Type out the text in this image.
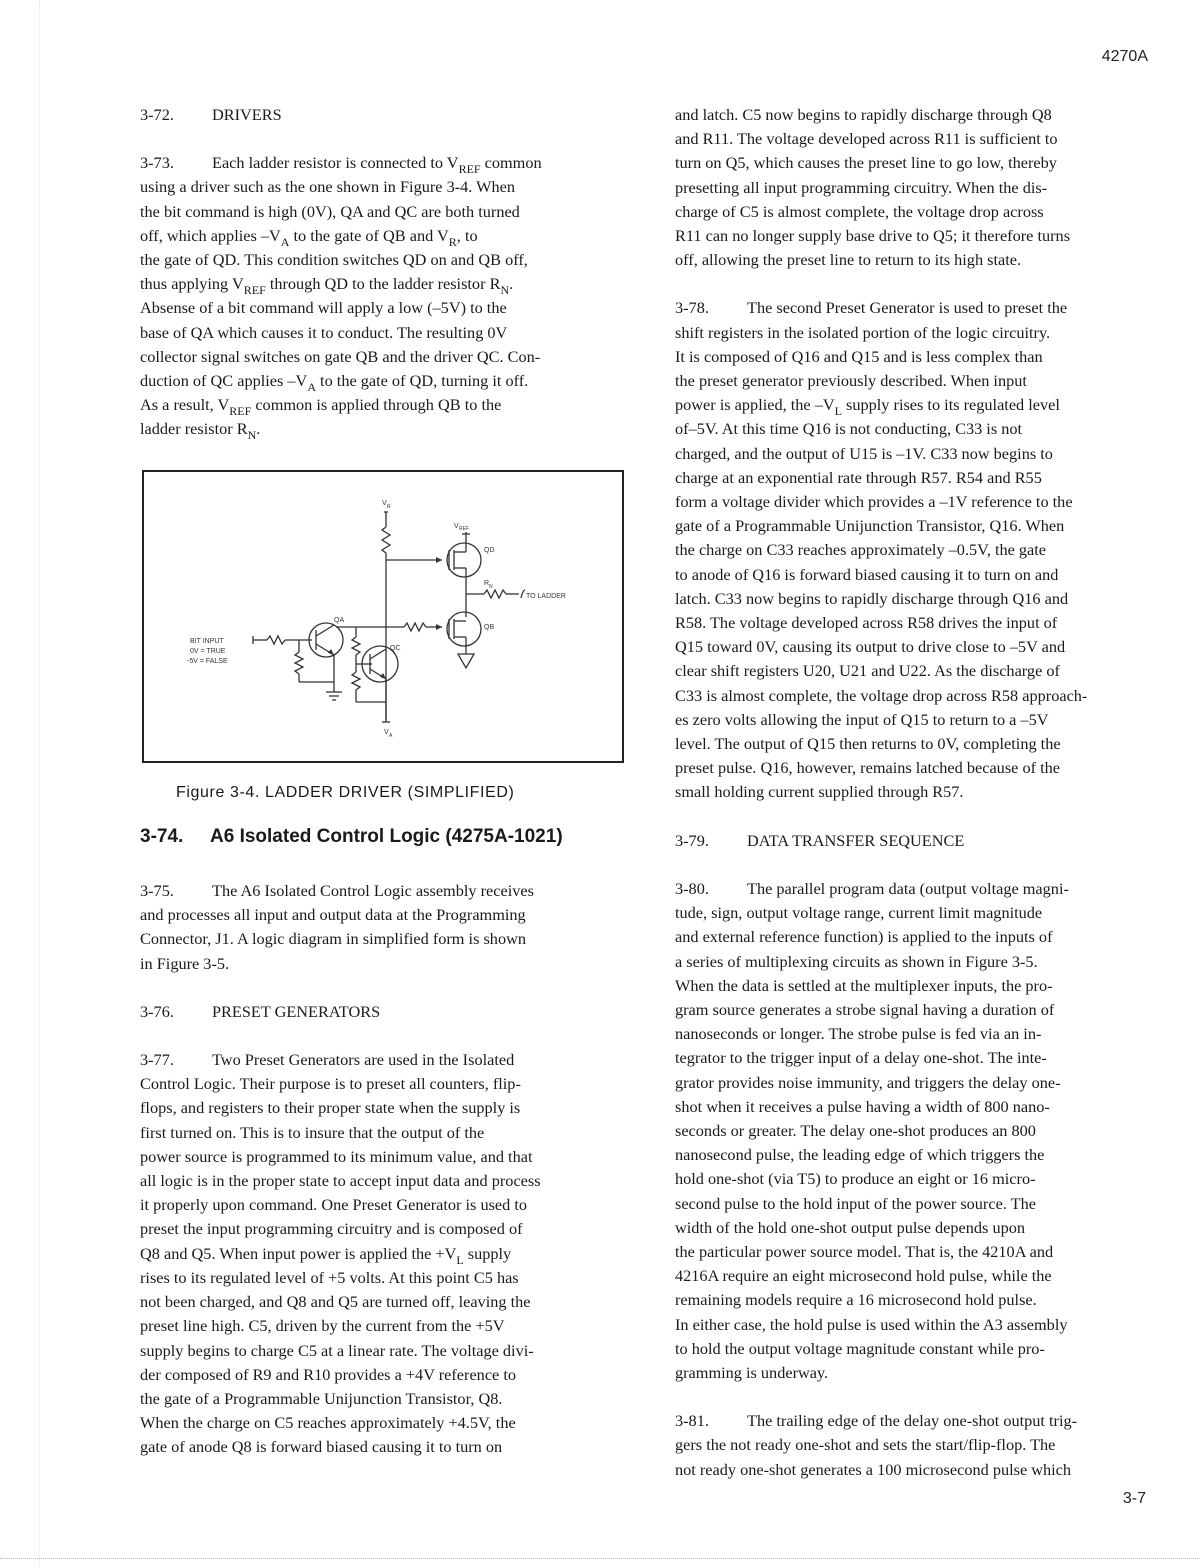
4270A
3-72. DRIVERS
3-73. Each ladder resistor is connected to $V_{REF}$ common
using a driver such as the one shown in Figure 3-4. When
the bit command is high (0V), QA and QC are both turned
off, which applies $-V_A$ to the gate of QB and $V_R$, to
the gate of QD. This condition switches QD on and QB off,
thus applying $V_{REF}$ through QD to the ladder resistor $R_N$.
Absense of a bit command will apply a low (–5V) to the
base of QA which causes it to conduct. The resulting 0V
collector signal switches on gate QB and the driver QC. Con-
duction of QC applies $-V_A$ to the gate of QD, turning it off.
As a result, $V_{REF}$ common is applied through QB to the
ladder resistor $R_N$.
V R
V REF
QD
QB
QA
QC
R N
TO LADDER
BIT INPUT
0V = TRUE
-5V = FALSE
V A
Figure 3-4. LADDER DRIVER (SIMPLIFIED)
3-74. A6 Isolated Control Logic (4275A-1021)
3-75. The A6 Isolated Control Logic assembly receives
and processes all input and output data at the Programming
Connector, J1. A logic diagram in simplified form is shown
in Figure 3-5.
3-76. PRESET GENERATORS
3-77. Two Preset Generators are used in the Isolated
Control Logic. Their purpose is to preset all counters, flip-
flops, and registers to their proper state when the supply is
first turned on. This is to insure that the output of the
power source is programmed to its minimum value, and that
all logic is in the proper state to accept input data and process
it properly upon command. One Preset Generator is used to
preset the input programming circuitry and is composed of
Q8 and Q5. When input power is applied the $+V_L$ supply
rises to its regulated level of +5 volts. At this point C5 has
not been charged, and Q8 and Q5 are turned off, leaving the
preset line high. C5, driven by the current from the +5V
supply begins to charge C5 at a linear rate. The voltage divi-
der composed of R9 and R10 provides a +4V reference to
the gate of a Programmable Unijunction Transistor, Q8.
When the charge on C5 reaches approximately +4.5V, the
gate of anode Q8 is forward biased causing it to turn on
and latch. C5 now begins to rapidly discharge through Q8
and R11. The voltage developed across R11 is sufficient to
turn on Q5, which causes the preset line to go low, thereby
presetting all input programming circuitry. When the dis-
charge of C5 is almost complete, the voltage drop across
R11 can no longer supply base drive to Q5; it therefore turns
off, allowing the preset line to return to its high state.
3-78. The second Preset Generator is used to preset the
shift registers in the isolated portion of the logic circuitry.
It is composed of Q16 and Q15 and is less complex than
the preset generator previously described. When input
power is applied, the $-V_L$ supply rises to its regulated level
of–5V. At this time Q16 is not conducting, C33 is not
charged, and the output of U15 is –1V. C33 now begins to
charge at an exponential rate through R57. R54 and R55
form a voltage divider which provides a –1V reference to the
gate of a Programmable Unijunction Transistor, Q16. When
the charge on C33 reaches approximately –0.5V, the gate
to anode of Q16 is forward biased causing it to turn on and
latch. C33 now begins to rapidly discharge through Q16 and
R58. The voltage developed across R58 drives the input of
Q15 toward 0V, causing its output to drive close to –5V and
clear shift registers U20, U21 and U22. As the discharge of
C33 is almost complete, the voltage drop across R58 approach-
es zero volts allowing the input of Q15 to return to a –5V
level. The output of Q15 then returns to 0V, completing the
preset pulse. Q16, however, remains latched because of the
small holding current supplied through R57.
3-79. DATA TRANSFER SEQUENCE
3-80. The parallel program data (output voltage magni-
tude, sign, output voltage range, current limit magnitude
and external reference function) is applied to the inputs of
a series of multiplexing circuits as shown in Figure 3-5.
When the data is settled at the multiplexer inputs, the pro-
gram source generates a strobe signal having a duration of
nanoseconds or longer. The strobe pulse is fed via an in-
tegrator to the trigger input of a delay one-shot. The inte-
grator provides noise immunity, and triggers the delay one-
shot when it receives a pulse having a width of 800 nano-
seconds or greater. The delay one-shot produces an 800
nanosecond pulse, the leading edge of which triggers the
hold one-shot (via T5) to produce an eight or 16 micro-
second pulse to the hold input of the power source. The
width of the hold one-shot output pulse depends upon
the particular power source model. That is, the 4210A and
4216A require an eight microsecond hold pulse, while the
remaining models require a 16 microsecond hold pulse.
In either case, the hold pulse is used within the A3 assembly
to hold the output voltage magnitude constant while pro-
gramming is underway.
3-81. The trailing edge of the delay one-shot output trig-
gers the not ready one-shot and sets the start/flip-flop. The
not ready one-shot generates a 100 microsecond pulse which
3-7
